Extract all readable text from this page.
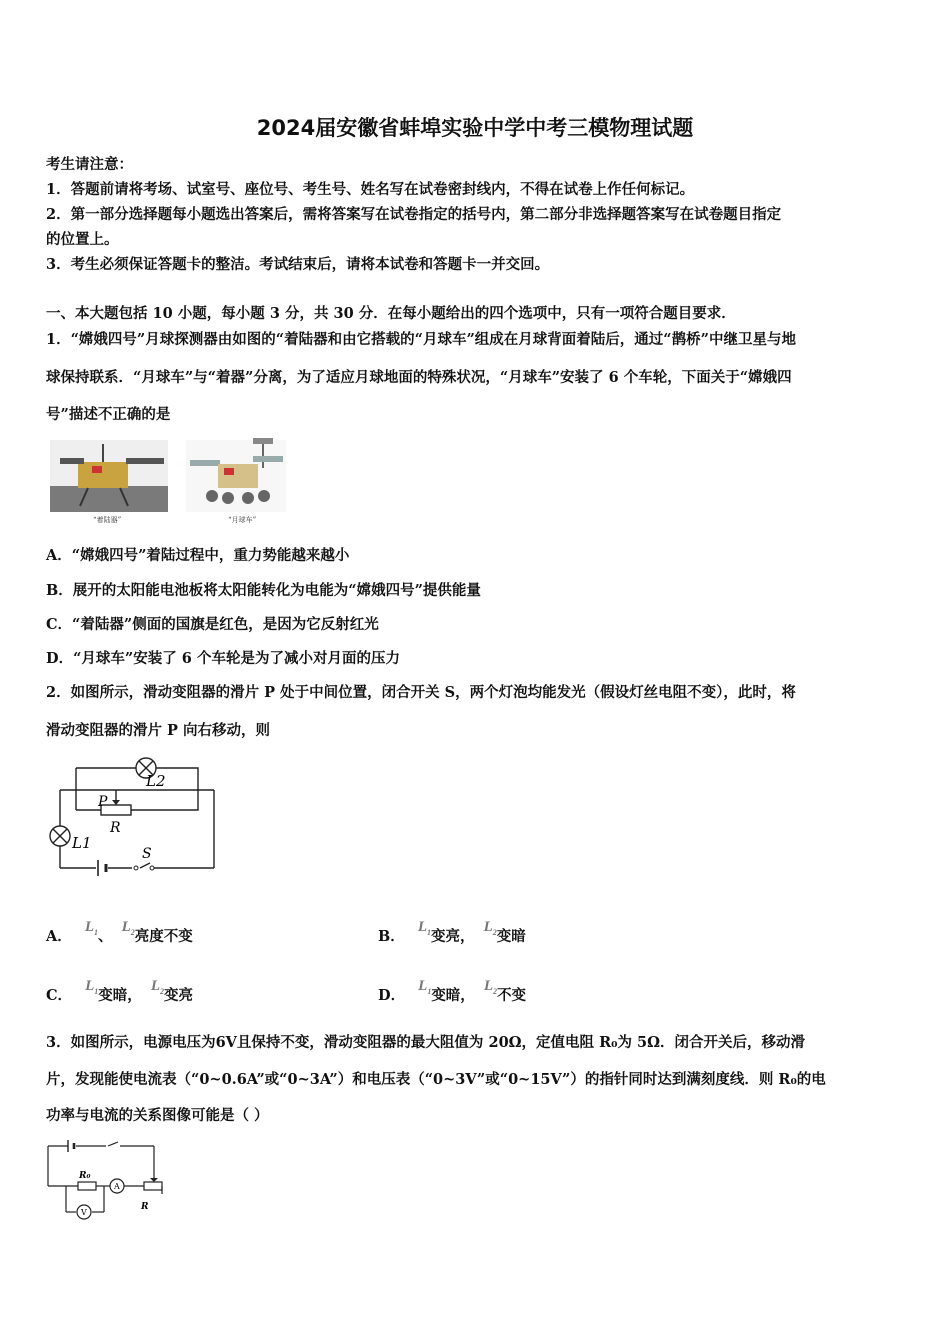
2024届安徽省蚌埠实验中学中考三模物理试题
考生请注意：
1．答题前请将考场、试室号、座位号、考生号、姓名写在试卷密封线内，不得在试卷上作任何标记。
2．第一部分选择题每小题选出答案后，需将答案写在试卷指定的括号内，第二部分非选择题答案写在试卷题目指定
的位置上。
3．考生必须保证答题卡的整洁。考试结束后，请将本试卷和答题卡一并交回。
一、本大题包括 10 小题，每小题 3 分，共 30 分．在每小题给出的四个选项中，只有一项符合题目要求．
1．“嫦娥四号”月球探测器由如图的“着陆器和由它搭载的“月球车”组成在月球背面着陆后，通过“鹊桥”中继卫星与地
球保持联系．“月球车”与“着器”分离，为了适应月球地面的特殊状况，“月球车”安装了 6 个车轮，下面关于“嫦娥四
号”描述不正确的是
“着陆器”	“月球车”
A．“嫦娥四号”着陆过程中，重力势能越来越小
B．展开的太阳能电池板将太阳能转化为电能为“嫦娥四号”提供能量
C．“着陆器”侧面的国旗是红色，是因为它反射红光
D．“月球车”安装了 6 个车轮是为了减小对月面的压力
2．如图所示，滑动变阻器的滑片 P 处于中间位置，闭合开关 S，两个灯泡均能发光（假设灯丝电阻不变），此时，将
滑动变阻器的滑片 P 向右移动，则
L2
L1
P
R
S
A． $L_1$、 $L_2$亮度不变	B． $L_1$变亮， $L_2$变暗
C． $L_1$变暗， $L_2$变亮	D． $L_1$变暗， $L_2$不变
3．如图所示，电源电压为6V且保持不变，滑动变阻器的最大阻值为 20Ω，定值电阻 R₀为 5Ω．闭合开关后，移动滑
片，发现能使电流表（“0~0.6A”或“0~3A”）和电压表（“0~3V”或“0~15V”）的指针同时达到满刻度线．则 R₀的电
功率与电流的关系图像可能是（ ）
R₀
A
V
R
